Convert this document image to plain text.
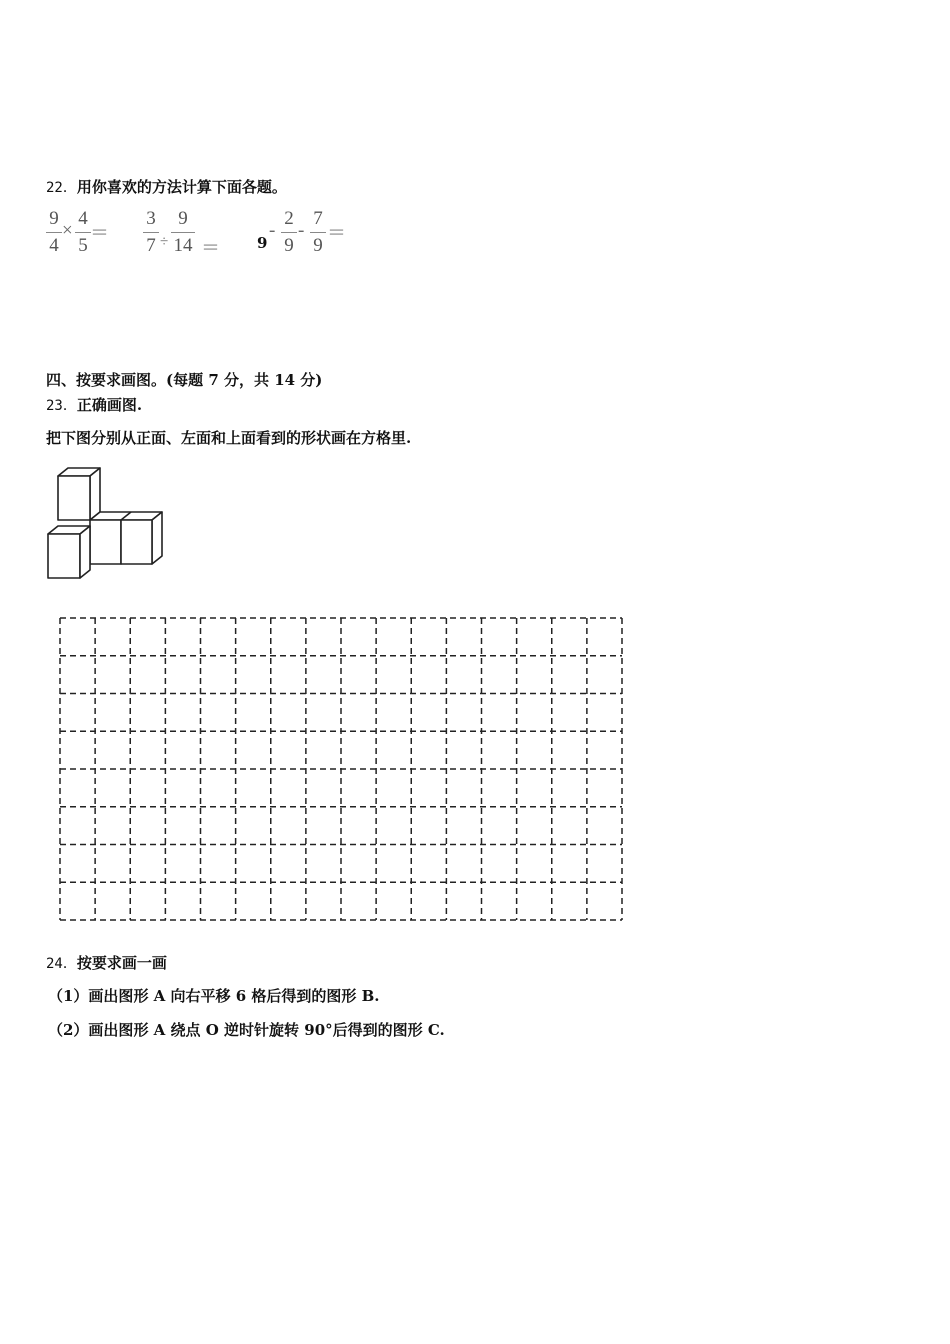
22．用你喜欢的方法计算下面各题。
9
4
×
4
5
＝
3
7 ÷
9
14 ＝ 9
-
2
9
-
7
9
＝
四、按要求画图。(每题 7 分，共 14 分)
23．正确画图.
把下图分别从正面、左面和上面看到的形状画在方格里.
24．按要求画一画
（1）画出图形 A 向右平移 6 格后得到的图形 B.
（2）画出图形 A 绕点 O 逆时针旋转 90°后得到的图形 C.
